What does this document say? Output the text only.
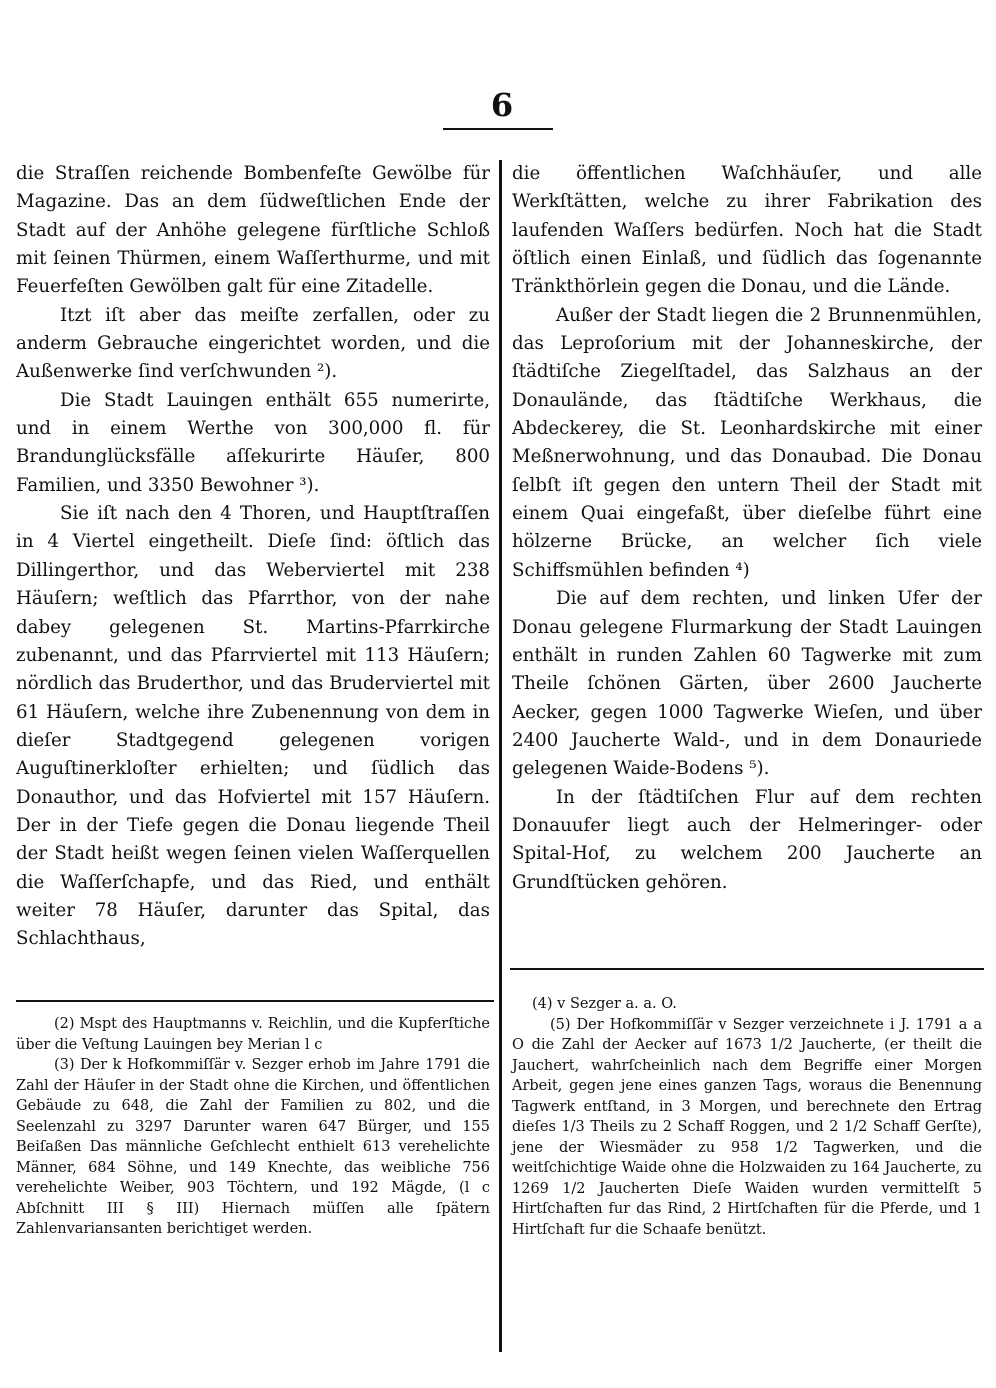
6

die Straſſen reichende Bombenfeſte Gewölbe für Magazine. Das an dem ſüdweſtlichen Ende der Stadt auf der Anhöhe gelegene fürſtliche Schloß mit ſeinen Thürmen, einem Waſſerthurme, und mit Feuerfeſten Gewölben galt für eine Zitadelle.

Itzt iſt aber das meiſte zerfallen, oder zu anderm Gebrauche eingerichtet worden, und die Außenwerke ſind verſchwunden ²).

Die Stadt Lauingen enthält 655 numerirte, und in einem Werthe von 300,000 fl. für Brandunglücksfälle aſſekurirte Häuſer, 800 Familien, und 3350 Bewohner ³).

Sie iſt nach den 4 Thoren, und Hauptſtraſſen in 4 Viertel eingetheilt. Dieſe ſind: öſtlich das Dillingerthor, und das Weberviertel mit 238 Häuſern; weſtlich das Pfarrthor, von der nahe dabey gelegenen St. Martins-Pfarrkirche zubenannt, und das Pfarrviertel mit 113 Häuſern; nördlich das Bruderthor, und das Bruderviertel mit 61 Häuſern, welche ihre Zubenennung von dem in dieſer Stadtgegend gelegenen vorigen Auguſtinerkloſter erhielten; und ſüdlich das Donauthor, und das Hofviertel mit 157 Häuſern. Der in der Tiefe gegen die Donau liegende Theil der Stadt heißt wegen ſeinen vielen Waſſerquellen die Waſſerſchapfe, und das Ried, und enthält weiter 78 Häuſer, darunter das Spital, das Schlachthaus,

die öffentlichen Waſchhäuſer, und alle Werkſtätten, welche zu ihrer Fabrikation des laufenden Waſſers bedürfen. Noch hat die Stadt öſtlich einen Einlaß, und ſüdlich das ſogenannte Tränkthörlein gegen die Donau, und die Lände.

Außer der Stadt liegen die 2 Brunnenmühlen, das Leproſorium mit der Johanneskirche, der ſtädtiſche Ziegelſtadel, das Salzhaus an der Donaulände, das ſtädtiſche Werkhaus, die Abdeckerey, die St. Leonhardskirche mit einer Meßnerwohnung, und das Donaubad. Die Donau ſelbſt iſt gegen den untern Theil der Stadt mit einem Quai eingefaßt, über dieſelbe führt eine hölzerne Brücke, an welcher ſich viele Schiffsmühlen befinden ⁴)

Die auf dem rechten, und linken Ufer der Donau gelegene Flurmarkung der Stadt Lauingen enthält in runden Zahlen 60 Tagwerke mit zum Theile ſchönen Gärten, über 2600 Jaucherte Aecker, gegen 1000 Tagwerke Wieſen, und über 2400 Jaucherte Wald-, und in dem Donauriede gelegenen Waide-Bodens ⁵).

In der ſtädtiſchen Flur auf dem rechten Donauufer liegt auch der Helmeringer- oder Spital-Hof, zu welchem 200 Jaucherte an Grundſtücken gehören.

(2) Mspt des Hauptmanns v. Reichlin, und die Kupferſtiche über die Veſtung Lauingen bey Merian l c

(3) Der k Hofkommiſſär v. Sezger erhob im Jahre 1791 die Zahl der Häuſer in der Stadt ohne die Kirchen, und öffentlichen Gebäude zu 648, die Zahl der Familien zu 802, und die Seelenzahl zu 3297 Darunter waren 647 Bürger, und 155 Beiſaßen Das männliche Geſchlecht enthielt 613 verehelichte Männer, 684 Söhne, und 149 Knechte, das weibliche 756 verehelichte Weiber, 903 Töchtern, und 192 Mägde, (l c Abſchnitt III § III) Hiernach müſſen alle ſpätern Zahlenvariansanten berichtiget werden.

(4) v Sezger a. a. O.

(5) Der Hofkommiſſär v Sezger verzeichnete i J. 1791 a a O die Zahl der Aecker auf 1673 1/2 Jaucherte, (er theilt die Jauchert, wahrſcheinlich nach dem Begriffe einer Morgen Arbeit, gegen jene eines ganzen Tags, woraus die Benennung Tagwerk entſtand, in 3 Morgen, und berechnete den Ertrag dieſes 1/3 Theils zu 2 Schaff Roggen, und 2 1/2 Schaff Gerſte), jene der Wiesmäder zu 958 1/2 Tagwerken, und die weitſchichtige Waide ohne die Holzwaiden zu 164 Jaucherte, zu 1269 1/2 Jaucherten Dieſe Waiden wurden vermittelſt 5 Hirtſchaften fur das Rind, 2 Hirtſchaften für die Pferde, und 1 Hirtſchaft fur die Schaafe benützt.
